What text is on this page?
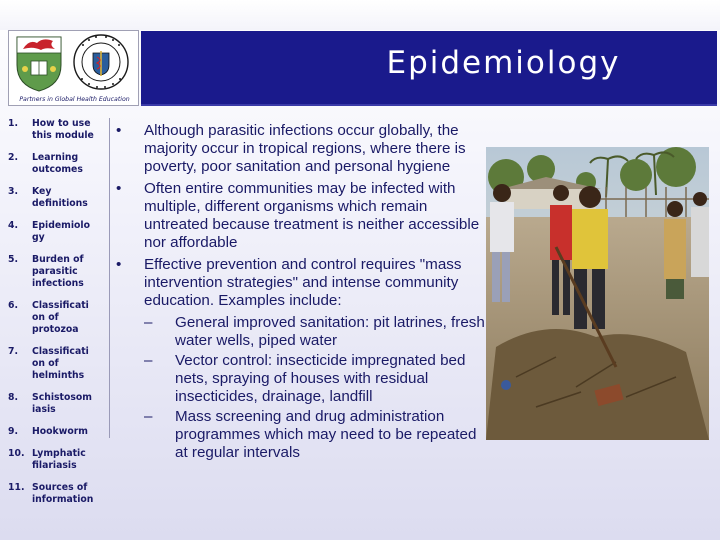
Partners in Global Health Education
Epidemiology
1.	How to use
this module
2.	Learning
outcomes
3.	Key
definitions
4.	Epidemiolo
gy
5.	Burden of
parasitic
infections
6.	Classificati
on of
protozoa
7.	Classificati
on of
helminths
8.	Schistosom
iasis
9.	Hookworm
10. Lymphatic
filariasis
11. Sources of
information
•	Although parasitic infections occur globally, the majority occur in tropical regions, where there is poverty, poor sanitation and personal hygiene
•	Often entire communities may be infected with multiple, different organisms which remain untreated because treatment is neither accessible nor affordable
•	Effective prevention and control requires "mass intervention strategies" and intense community education. Examples include:
–	General improved sanitation: pit latrines, fresh water wells, piped water
–	Vector control: insecticide impregnated bed nets, spraying of houses with residual insecticides, drainage, landfill
–	Mass screening and drug administration programmes which may need to be repeated at regular intervals
